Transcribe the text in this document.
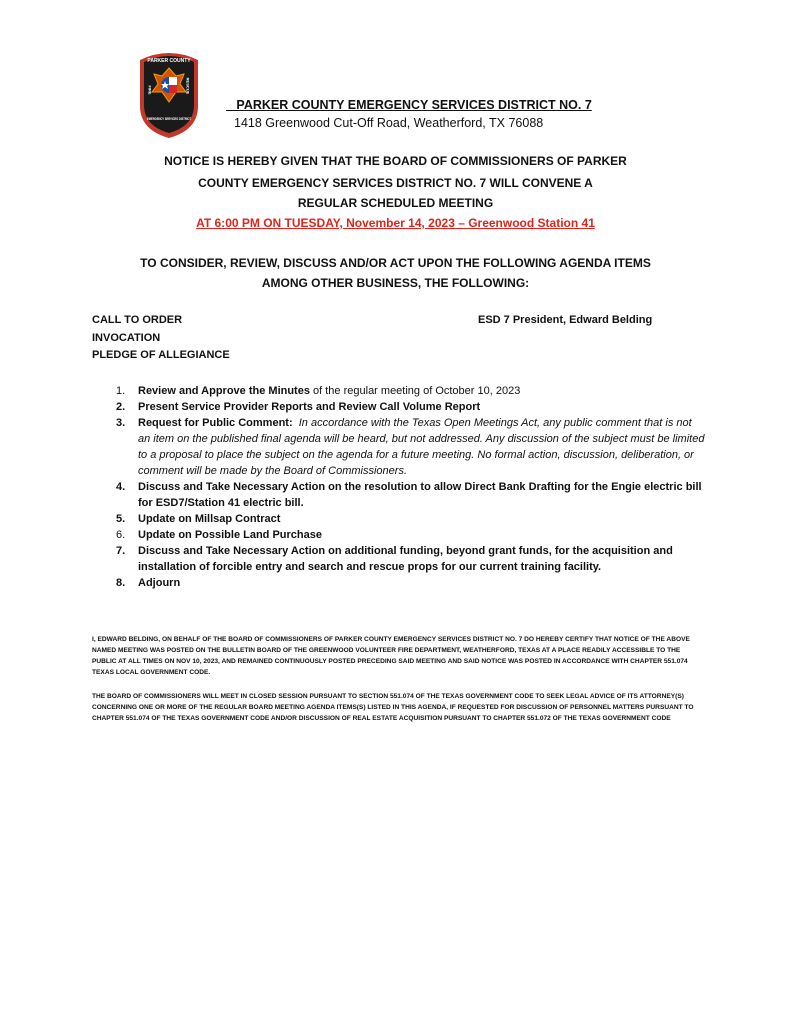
PARKER COUNTY
FIRE	RESCUE
EMERGENCY SERVICES DISTRICT
PARKER COUNTY EMERGENCY SERVICES DISTRICT NO. 7
1418 Greenwood Cut-Off Road, Weatherford, TX 76088
NOTICE IS HEREBY GIVEN THAT THE BOARD OF COMMISSIONERS OF PARKER
COUNTY EMERGENCY SERVICES DISTRICT NO. 7 WILL CONVENE A
REGULAR SCHEDULED MEETING
AT 6:00 PM ON TUESDAY, November 14, 2023 – Greenwood Station 41
TO CONSIDER, REVIEW, DISCUSS AND/OR ACT UPON THE FOLLOWING AGENDA ITEMS
AMONG OTHER BUSINESS, THE FOLLOWING:
CALL TO ORDER
INVOCATION
PLEDGE OF ALLEGIANCE
ESD 7 President, Edward Belding
1. Review and Approve the Minutes of the regular meeting of October 10, 2023
2. Present Service Provider Reports and Review Call Volume Report
3. Request for Public Comment: In accordance with the Texas Open Meetings Act, any public comment that is not an item on the published final agenda will be heard, but not addressed. Any discussion of the subject must be limited to a proposal to place the subject on the agenda for a future meeting. No formal action, discussion, deliberation, or comment will be made by the Board of Commissioners.
4. Discuss and Take Necessary Action on the resolution to allow Direct Bank Drafting for the Engie electric bill for ESD7/Station 41 electric bill.
5. Update on Millsap Contract
6. Update on Possible Land Purchase
7. Discuss and Take Necessary Action on additional funding, beyond grant funds, for the acquisition and installation of forcible entry and search and rescue props for our current training facility.
8. Adjourn
I, EDWARD BELDING, ON BEHALF OF THE BOARD OF COMMISSIONERS OF PARKER COUNTY EMERGENCY SERVICES DISTRICT NO. 7 DO HEREBY CERTIFY THAT NOTICE OF THE ABOVE NAMED MEETING WAS POSTED ON THE BULLETIN BOARD OF THE GREENWOOD VOLUNTEER FIRE DEPARTMENT, WEATHERFORD, TEXAS AT A PLACE READILY ACCESSIBLE TO THE PUBLIC AT ALL TIMES ON NOV 10, 2023, AND REMAINED CONTINUOUSLY POSTED PRECEDING SAID MEETING AND SAID NOTICE WAS POSTED IN ACCORDANCE WITH CHAPTER 551.074 TEXAS LOCAL GOVERNMENT CODE.
THE BOARD OF COMMISSIONERS WILL MEET IN CLOSED SESSION PURSUANT TO SECTION 551.074 OF THE TEXAS GOVERNMENT CODE TO SEEK LEGAL ADVICE OF ITS ATTORNEY(S) CONCERNING ONE OR MORE OF THE REGULAR BOARD MEETING AGENDA ITEMS(S) LISTED IN THIS AGENDA, IF REQUESTED FOR DISCUSSION OF PERSONNEL MATTERS PURSUANT TO CHAPTER 551.074 OF THE TEXAS GOVERNMENT CODE AND/OR DISCUSSION OF REAL ESTATE ACQUISITION PURSUANT TO CHAPTER 551.072 OF THE TEXAS GOVERNMENT CODE
